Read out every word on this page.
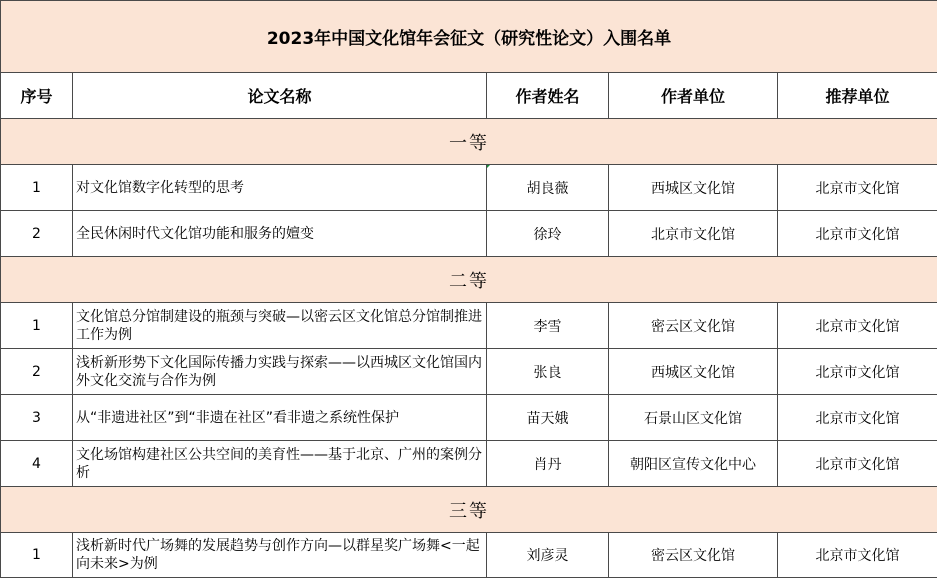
2023年中国文化馆年会征文（研究性论文）入围名单				
序号	论文名称	作者姓名	作者单位	推荐单位
一等				
1	对文化馆数字化转型的思考	胡良薇	西城区文化馆	北京市文化馆
2	全民休闲时代文化馆功能和服务的嬗变	徐玲	北京市文化馆	北京市文化馆
二等				
1	文化馆总分馆制建设的瓶颈与突破—以密云区文化馆总分馆制推进工作为例	李雪	密云区文化馆	北京市文化馆
2	浅析新形势下文化国际传播力实践与探索——以西城区文化馆国内外文化交流与合作为例	张良	西城区文化馆	北京市文化馆
3	从“非遗进社区”到“非遗在社区”看非遗之系统性保护	苗天娥	石景山区文化馆	北京市文化馆
4	文化场馆构建社区公共空间的美育性——基于北京、广州的案例分析	肖丹	朝阳区宣传文化中心	北京市文化馆
三等				
1	浅析新时代广场舞的发展趋势与创作方向—以群星奖广场舞<一起向未来>为例	刘彦灵	密云区文化馆	北京市文化馆
